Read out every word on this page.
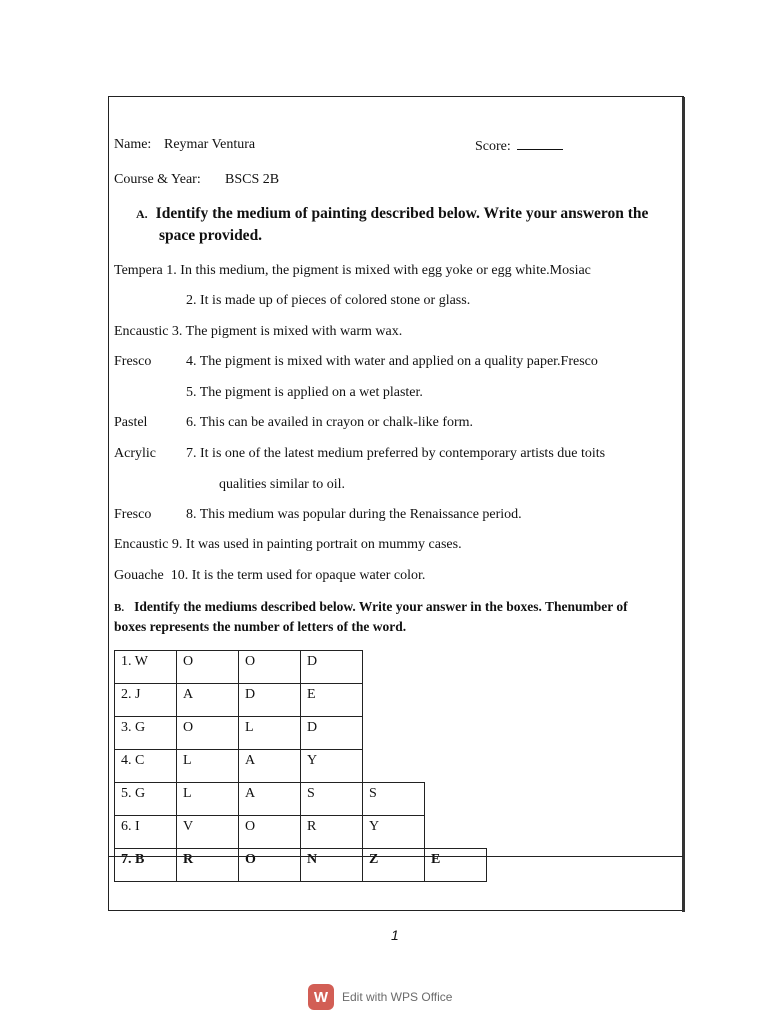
Name: Reymar Ventura	Score:
Course & Year: BSCS 2B
A. Identify the medium of painting described below. Write your answeron the
space provided.
Tempera 1. In this medium, the pigment is mixed with egg yoke or egg white.Mosiac
2. It is made up of pieces of colored stone or glass.
Encaustic 3. The pigment is mixed with warm wax.
Fresco 4. The pigment is mixed with water and applied on a quality paper.Fresco
5. The pigment is applied on a wet plaster.
Pastel	6. This can be availed in crayon or chalk-like form.
Acrylic 7. It is one of the latest medium preferred by contemporary artists due toits
qualities similar to oil.
Fresco 8. This medium was popular during the Renaissance period.
Encaustic 9. It was used in painting portrait on mummy cases.
Gouache 10. It is the term used for opaque water color.
B. Identify the mediums described below. Write your answer in the boxes. Thenumber of
boxes represents the number of letters of the word.
1. W	O	O	D		
2. J	A	D	E		
3. G	O	L	D		
4. C	L	A	Y		
5. G	L	A	S	S	
6. I	V	O	R	Y	
7. B	R	O	N	Z	E
1
W	Edit with WPS Office
